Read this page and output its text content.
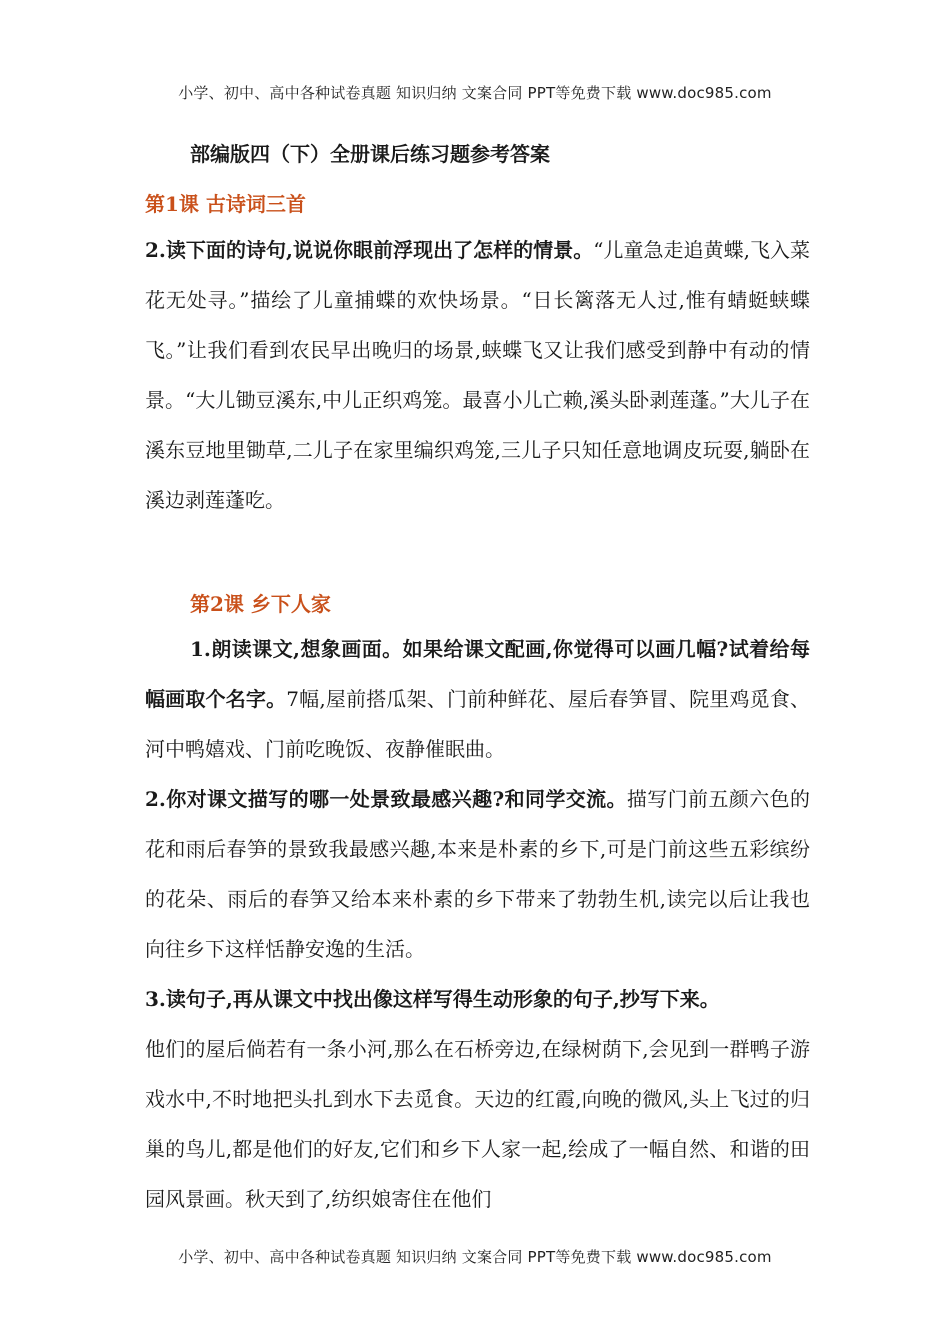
小学、初中、高中各种试卷真题 知识归纳 文案合同 PPT等免费下载 www.doc985.com
部编版四（下）全册课后练习题参考答案
第1课 古诗词三首
2.读下面的诗句,说说你眼前浮现出了怎样的情景。“儿童急走追黄蝶,飞入菜花无处寻。”描绘了儿童捕蝶的欢快场景。“日长篱落无人过,惟有蜻蜓蛱蝶飞。”让我们看到农民早出晚归的场景,蛱蝶飞又让我们感受到静中有动的情景。“大儿锄豆溪东,中儿正织鸡笼。最喜小儿亡赖,溪头卧剥莲蓬。”大儿子在溪东豆地里锄草,二儿子在家里编织鸡笼,三儿子只知任意地调皮玩耍,躺卧在溪边剥莲蓬吃。
第2课 乡下人家
1.朗读课文,想象画面。如果给课文配画,你觉得可以画几幅?试着给每幅画取个名字。7幅,屋前搭瓜架、门前种鲜花、屋后春笋冒、院里鸡觅食、河中鸭嬉戏、门前吃晚饭、夜静催眠曲。
2.你对课文描写的哪一处景致最感兴趣?和同学交流。描写门前五颜六色的花和雨后春笋的景致我最感兴趣,本来是朴素的乡下,可是门前这些五彩缤纷的花朵、雨后的春笋又给本来朴素的乡下带来了勃勃生机,读完以后让我也向往乡下这样恬静安逸的生活。
3.读句子,再从课文中找出像这样写得生动形象的句子,抄写下来。
他们的屋后倘若有一条小河,那么在石桥旁边,在绿树荫下,会见到一群鸭子游戏水中,不时地把头扎到水下去觅食。天边的红霞,向晚的微风,头上飞过的归巢的鸟儿,都是他们的好友,它们和乡下人家一起,绘成了一幅自然、和谐的田园风景画。秋天到了,纺织娘寄住在他们
小学、初中、高中各种试卷真题 知识归纳 文案合同 PPT等免费下载 www.doc985.com
